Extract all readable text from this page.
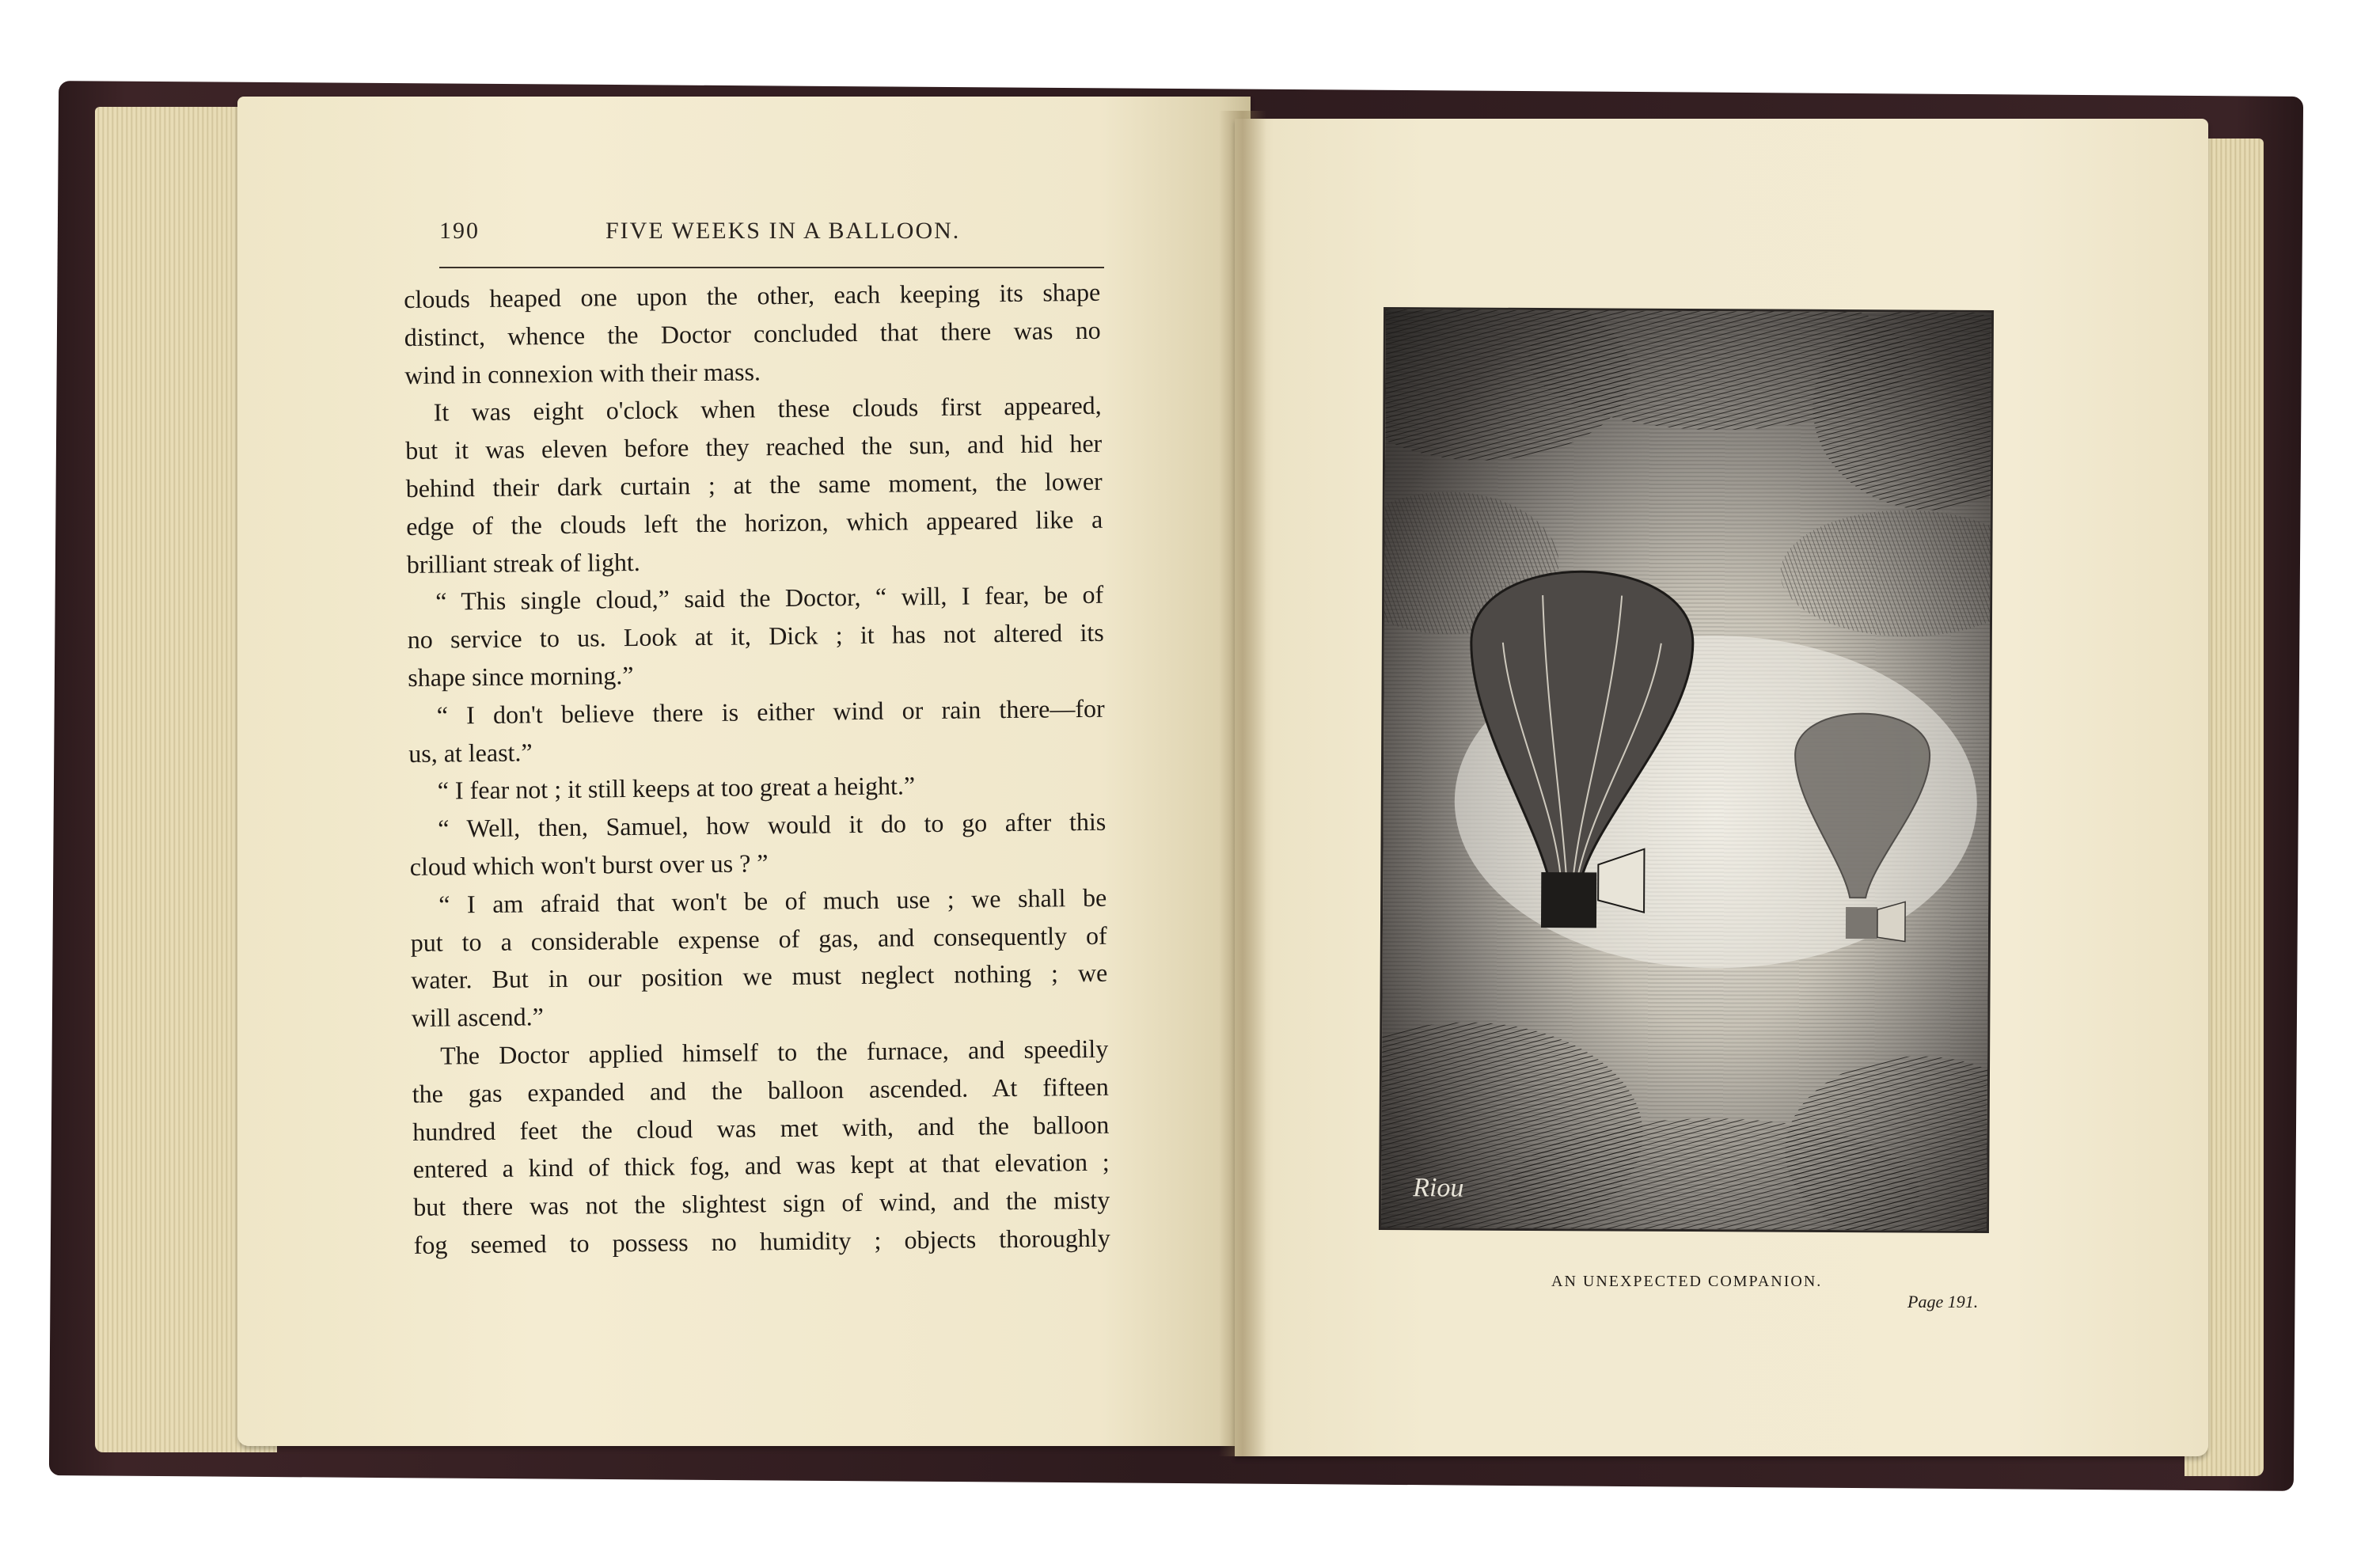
190	FIVE WEEKS IN A BALLOON.
clouds heaped one upon the other, each keeping its shape
distinct, whence the Doctor concluded that there was no
wind in connexion with their mass.
It was eight o'clock when these clouds first appeared,
but it was eleven before they reached the sun, and hid her
behind their dark curtain ; at the same moment, the lower
edge of the clouds left the horizon, which appeared like a
brilliant streak of light.
“ This single cloud,” said the Doctor, “ will, I fear, be of
no service to us. Look at it, Dick ; it has not altered its
shape since morning.”
“ I don't believe there is either wind or rain there—for
us, at least.”
“ I fear not ; it still keeps at too great a height.”
“ Well, then, Samuel, how would it do to go after this
cloud which won't burst over us ? ”
“ I am afraid that won't be of much use ; we shall be
put to a considerable expense of gas, and consequently of
water. But in our position we must neglect nothing ; we
will ascend.”
The Doctor applied himself to the furnace, and speedily
the gas expanded and the balloon ascended. At fifteen
hundred feet the cloud was met with, and the balloon
entered a kind of thick fog, and was kept at that elevation ;
but there was not the slightest sign of wind, and the misty
fog seemed to possess no humidity ; objects thoroughly
Riou
AN UNEXPECTED COMPANION.
Page 191.
